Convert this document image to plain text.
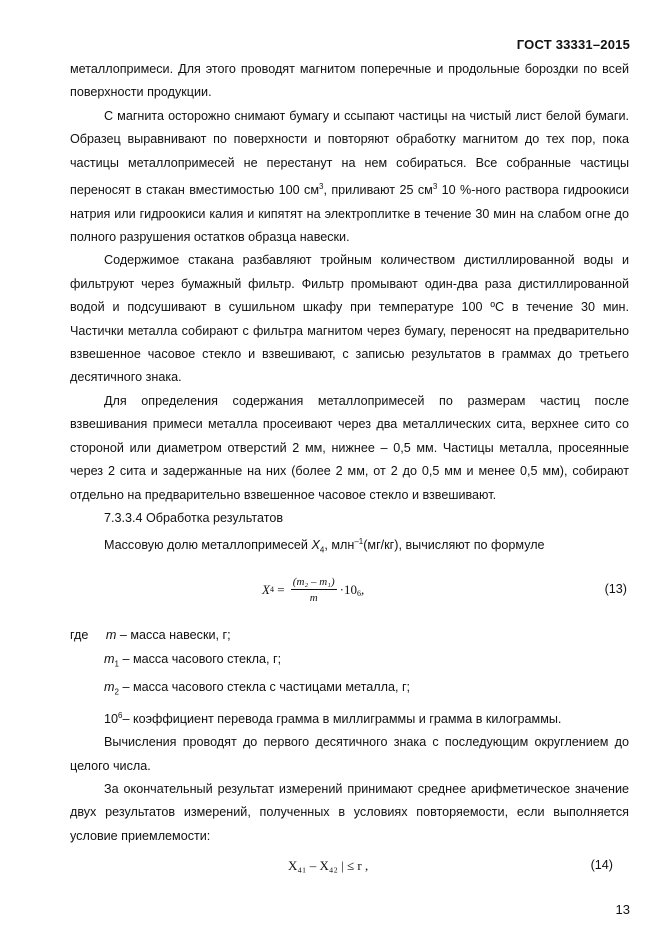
ГОСТ 33331–2015

металлопримеси. Для этого проводят магнитом поперечные и продольные бороздки по всей поверхности продукции.

С магнита осторожно снимают бумагу и ссыпают частицы на чистый лист белой бумаги. Образец выравнивают по поверхности и повторяют обработку магнитом до тех пор, пока частицы металлопримесей не перестанут на нем собираться. Все собранные частицы переносят в стакан вместимостью 100 $см^3$, приливают 25 $см^3$ 10 %-ного раствора гидроокиси натрия или гидроокиси калия и кипятят на электроплитке в течение 30 мин на слабом огне до полного разрушения остатков образца навески.

Содержимое стакана разбавляют тройным количеством дистиллированной воды и фильтруют через бумажный фильтр. Фильтр промывают один-два раза дистиллированной водой и подсушивают в сушильном шкафу при температуре 100 ºС в течение 30 мин. Частички металла собирают с фильтра магнитом через бумагу, переносят на предварительно взвешенное часовое стекло и взвешивают, с записью результатов в граммах до третьего десятичного знака.

Для определения содержания металлопримесей по размерам частиц после взвешивания примеси металла просеивают через два металлических сита, верхнее сито со стороной или диаметром отверстий 2 мм, нижнее – 0,5 мм. Частицы металла, просеянные через 2 сита и задержанные на них (более 2 мм, от 2 до 0,5 мм и менее 0,5 мм), собирают отдельно на предварительно взвешенное часовое стекло и взвешивают.

7.3.3.4 Обработка результатов

Массовую долю металлопримесей $X_4$, млн$^{-1}$(мг/кг), вычисляют по формуле

X $4 = \frac{\text{(m₂ – m₁)}}{m} \cdot 10_6$ ,	(13)

где m – масса навески, г;

$m_1$ – масса часового стекла, г;

$m_2$ – масса часового стекла с частицами металла, г;

$10^6-$ коэффициент перевода грамма в миллиграммы и грамма в килограммы.

Вычисления проводят до первого десятичного знака с последующим округлением до целого числа.

За окончательный результат измерений принимают среднее арифметическое значение двух результатов измерений, полученных в условиях повторяемости, если выполняется условие приемлемости:

X₄₁ – X₄₂ | ≤ r ,	(14)
13
